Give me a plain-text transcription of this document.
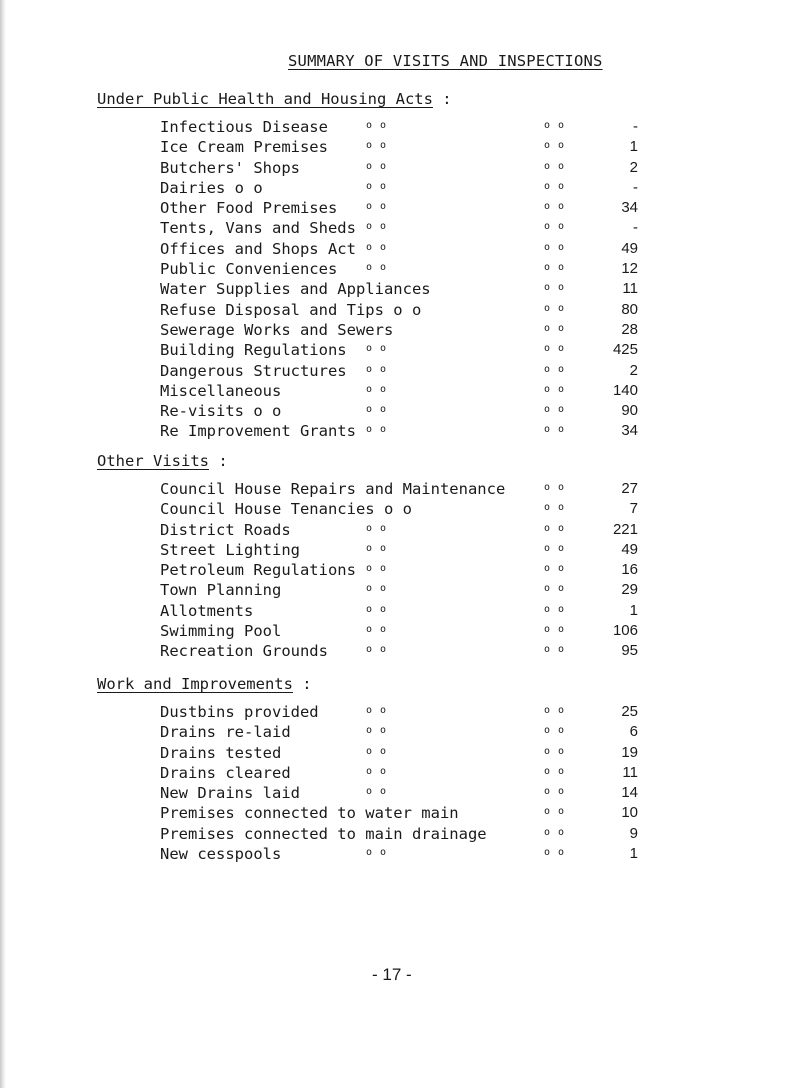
SUMMARY OF VISITS AND INSPECTIONS
Under Public Health and Housing Acts :
Infectious Disease	o o	o o	-
Ice Cream Premises	o o	o o	1
Butchers' Shops	o o	o o	2
Dairies o o	o o	o o	-
Other Food Premises	o o	o o	34
Tents, Vans and Sheds o o	o o	-
Offices and Shops Act o o	o o	49
Public Conveniences	o o	o o	12
Water Supplies and Appliances	o o	11
Refuse Disposal and Tips o o	o o	80
Sewerage Works and Sewers	o o	28
Building Regulations o o	o o	425
Dangerous Structures o o	o o	2
Miscellaneous	o o	o o	140
Re-visits o o	o o	o o	90
Re Improvement Grants o o	o o	34
Other Visits :
Council House Repairs and Maintenance	o o	27
Council House Tenancies o o	o o	7
District Roads	o o	o o	221
Street Lighting	o o	o o	49
Petroleum Regulations o o	o o	16
Town Planning	o o	o o	29
Allotments	o o	o o	1
Swimming Pool	o o	o o	106
Recreation Grounds	o o	o o	95
Work and Improvements :
Dustbins provided	o o	o o	25
Drains re-laid	o o	o o	6
Drains tested	o o	o o	19
Drains cleared	o o	o o	11
New Drains laid	o o	o o	14
Premises connected to water main	o o	10
Premises connected to main drainage	o o	9
New cesspools	o o	o o	1
- 17 -
